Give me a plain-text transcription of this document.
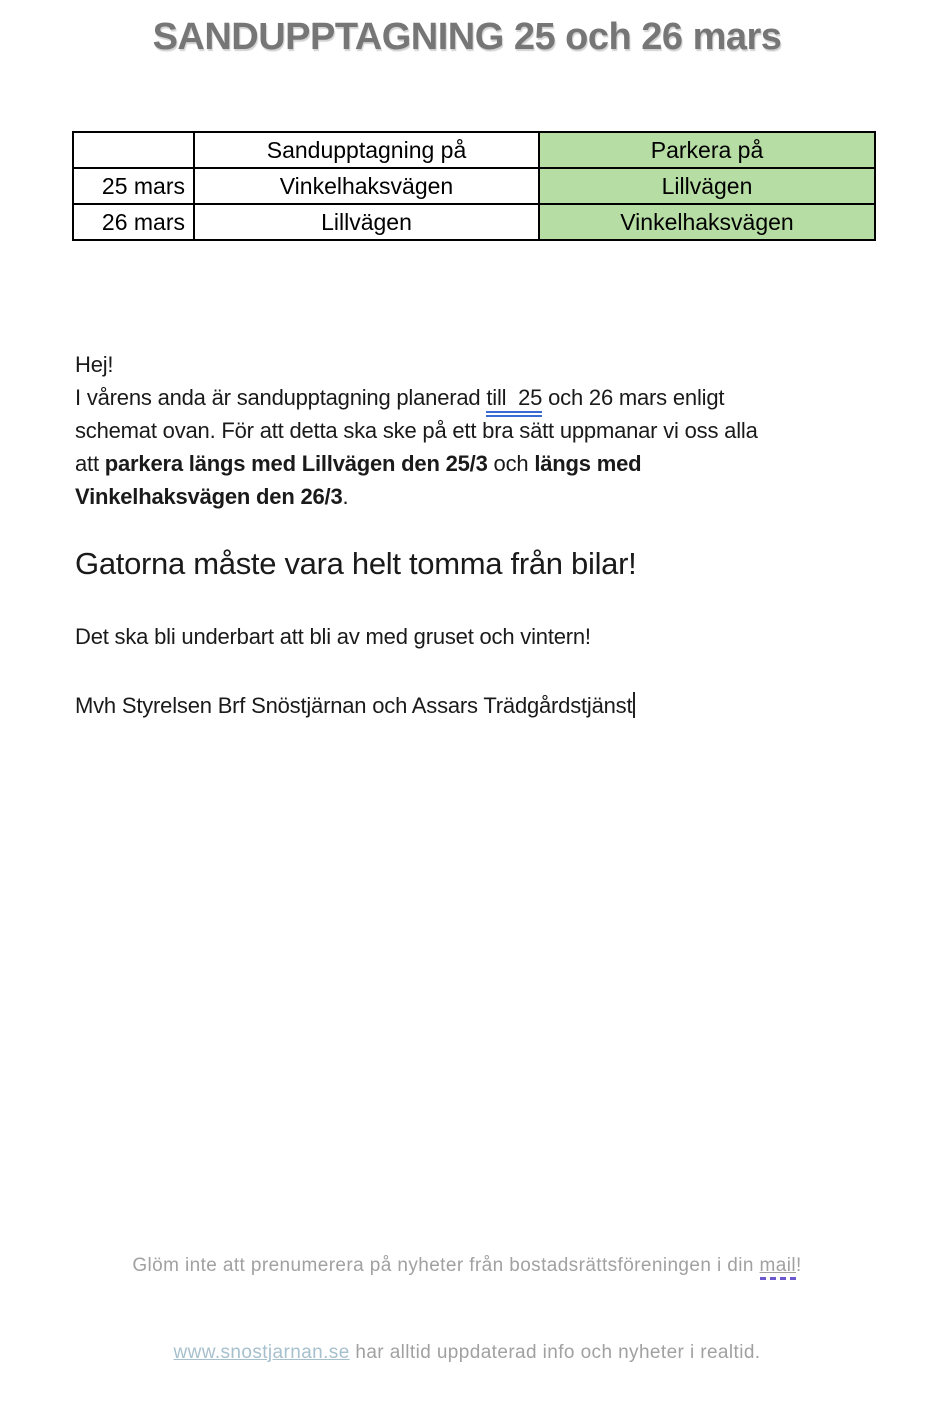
SANDUPPTAGNING 25 och 26 mars
	Sandupptagning på	Parkera på
25 mars	Vinkelhaksvägen	Lillvägen
26 mars	Lillvägen	Vinkelhaksvägen
Hej!
I vårens anda är sandupptagning planerad till  25 och 26 mars enligt
schemat ovan. För att detta ska ske på ett bra sätt uppmanar vi oss alla
att parkera längs med Lillvägen den 25/3 och längs med
Vinkelhaksvägen den 26/3.
Gatorna måste vara helt tomma från bilar!
Det ska bli underbart att bli av med gruset och vintern!
Mvh Styrelsen Brf Snöstjärnan och Assars Trädgårdstjänst

Glöm inte att prenumerera på nyheter från bostadsrättsföreningen i din mail!

www.snostjarnan.se har alltid uppdaterad info och nyheter i realtid.
